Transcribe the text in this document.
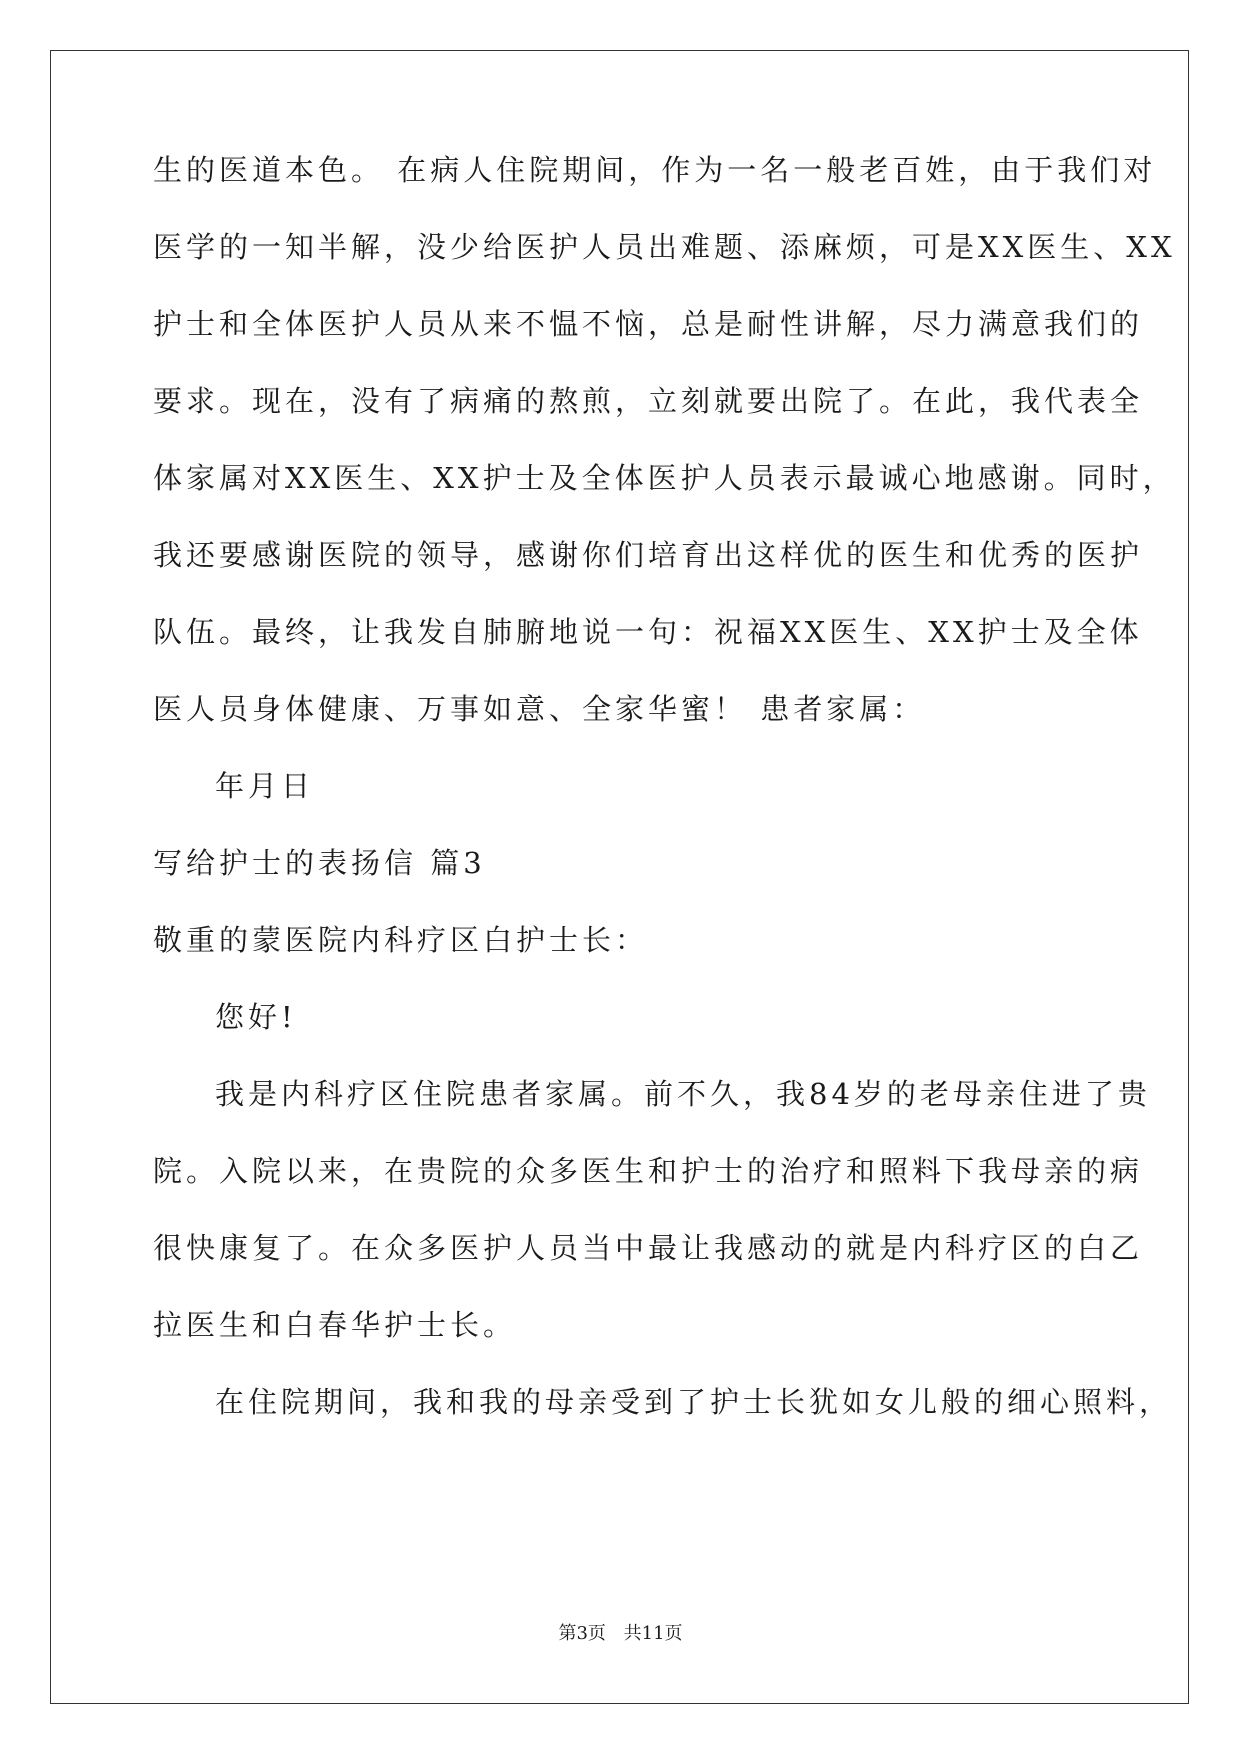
生的医道本色。 在病人住院期间，作为一名一般老百姓，由于我们对
医学的一知半解，没少给医护人员出难题、添麻烦，可是XX医生、XX
护士和全体医护人员从来不愠不恼，总是耐性讲解，尽力满意我们的
要求。现在，没有了病痛的熬煎，立刻就要出院了。在此，我代表全
体家属对XX医生、XX护士及全体医护人员表示最诚心地感谢。同时，
我还要感谢医院的领导，感谢你们培育出这样优的医生和优秀的医护
队伍。最终，让我发自肺腑地说一句：祝福XX医生、XX护士及全体
医人员身体健康、万事如意、全家华蜜！ 患者家属：
年月日
写给护士的表扬信 篇3
敬重的蒙医院内科疗区白护士长：
您好!
我是内科疗区住院患者家属。前不久，我84岁的老母亲住进了贵
院。入院以来，在贵院的众多医生和护士的治疗和照料下我母亲的病
很快康复了。在众多医护人员当中最让我感动的就是内科疗区的白乙
拉医生和白春华护士长。
在住院期间，我和我的母亲受到了护士长犹如女儿般的细心照料，
第3页 共11页
